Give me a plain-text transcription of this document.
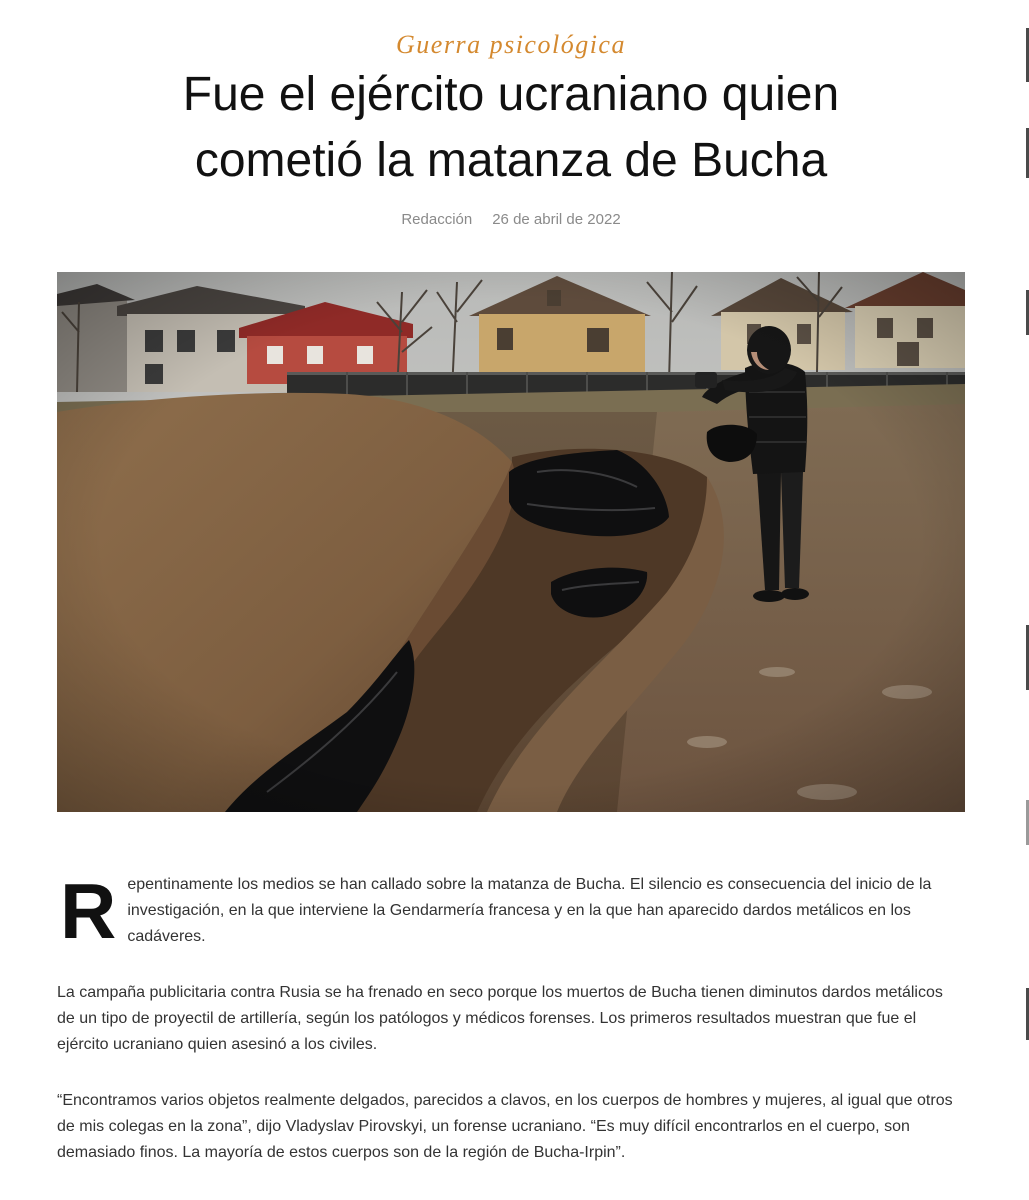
Guerra psicológica
Fue el ejército ucraniano quien cometió la matanza de Bucha
Redacción 26 de abril de 2022

Repentinamente los medios se han callado sobre la matanza de Bucha. El silencio es consecuencia del inicio de la investigación, en la que interviene la Gendarmería francesa y en la que han aparecido dardos metálicos en los cadáveres.

La campaña publicitaria contra Rusia se ha frenado en seco porque los muertos de Bucha tienen diminutos dardos metálicos de un tipo de proyectil de artillería, según los patólogos y médicos forenses. Los primeros resultados muestran que fue el ejército ucraniano quien asesinó a los civiles.

“Encontramos varios objetos realmente delgados, parecidos a clavos, en los cuerpos de hombres y mujeres, al igual que otros de mis colegas en la zona”, dijo Vladyslav Pirovskyi, un forense ucraniano. “Es muy difícil encontrarlos en el cuerpo, son demasiado finos. La mayoría de estos cuerpos son de la región de Bucha-Irpin”.
